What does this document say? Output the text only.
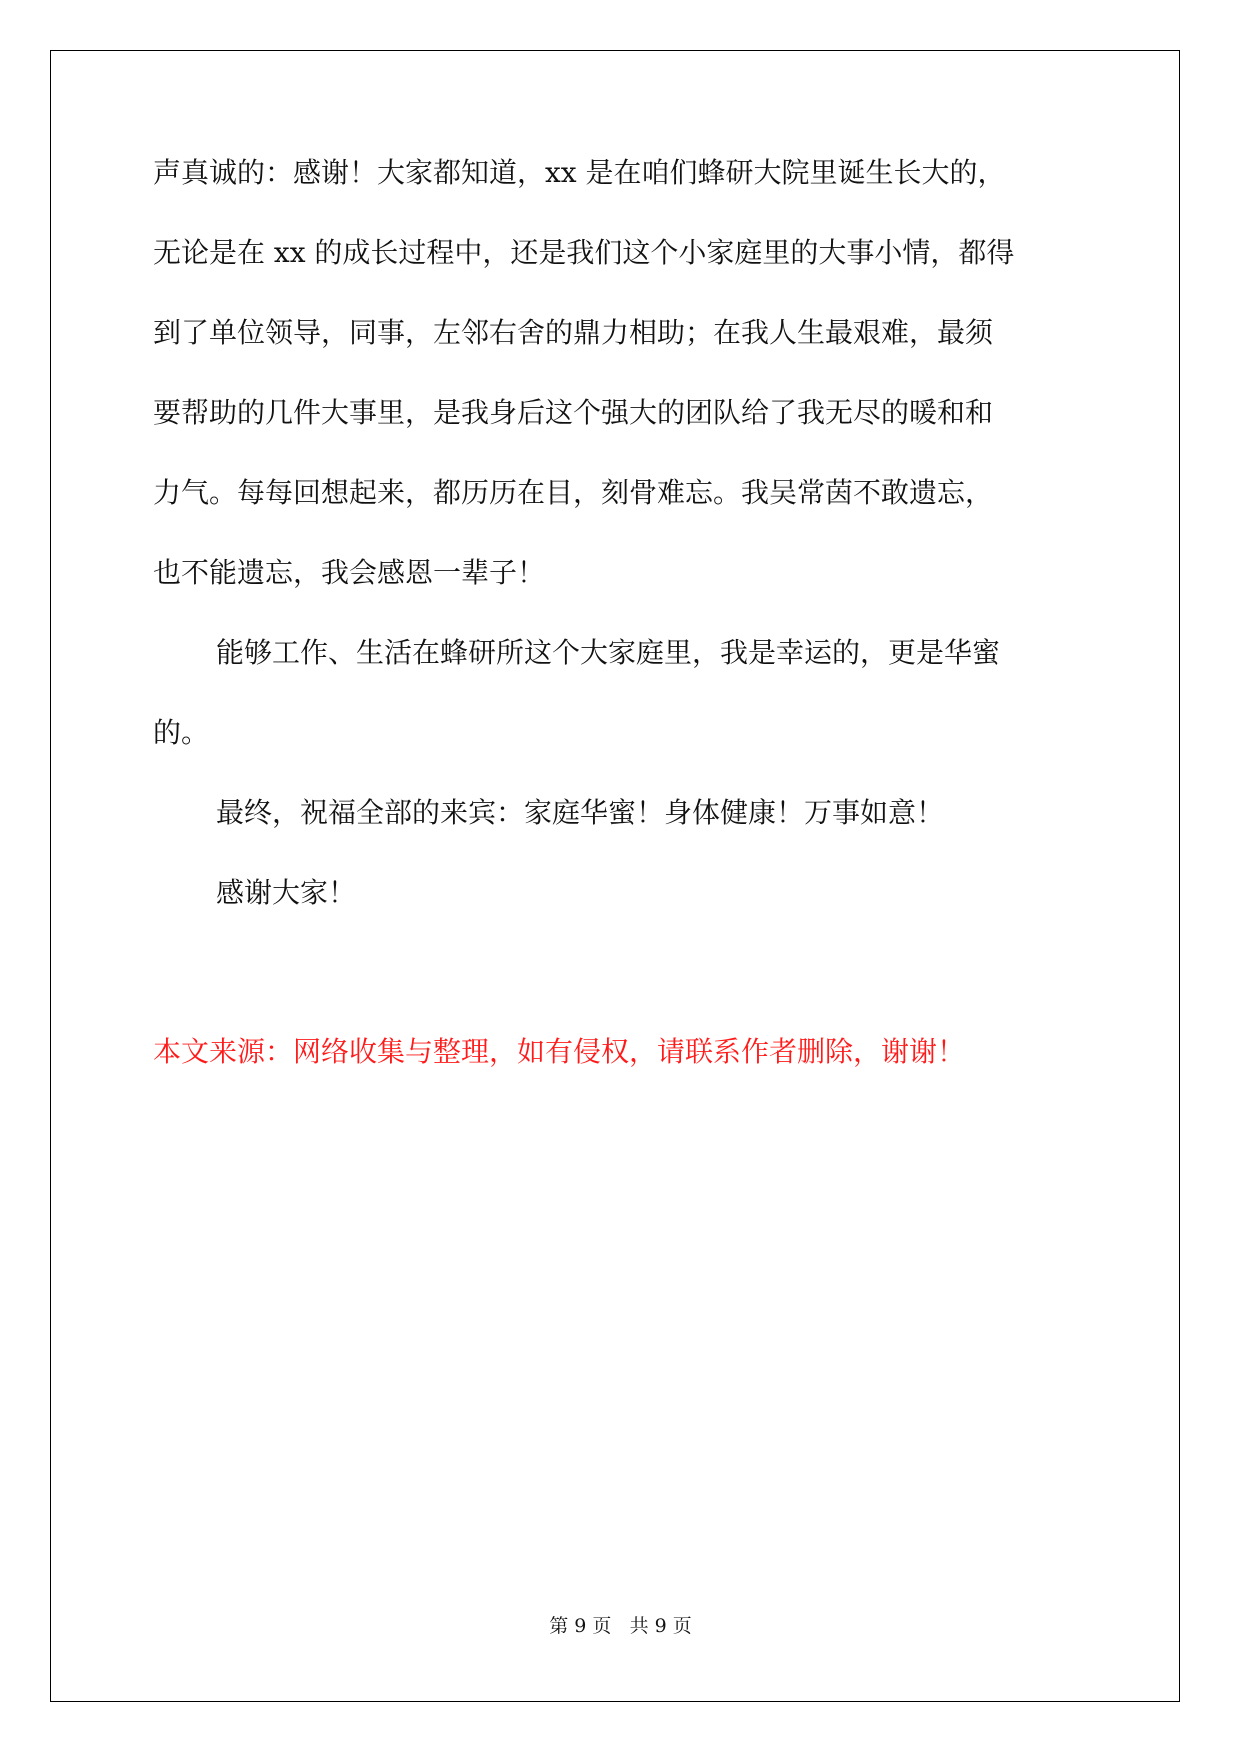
声真诚的：感谢！大家都知道，xx 是在咱们蜂研大院里诞生长大的，
无论是在 xx 的成长过程中，还是我们这个小家庭里的大事小情，都得
到了单位领导，同事，左邻右舍的鼎力相助；在我人生最艰难，最须
要帮助的几件大事里，是我身后这个强大的团队给了我无尽的暖和和
力气。每每回想起来，都历历在目，刻骨难忘。我吴常茵不敢遗忘，
也不能遗忘，我会感恩一辈子！
能够工作、生活在蜂研所这个大家庭里，我是幸运的，更是华蜜
的。
最终，祝福全部的来宾：家庭华蜜！身体健康！万事如意！
感谢大家！
本文来源：网络收集与整理，如有侵权，请联系作者删除，谢谢！
第 9 页 共 9 页
